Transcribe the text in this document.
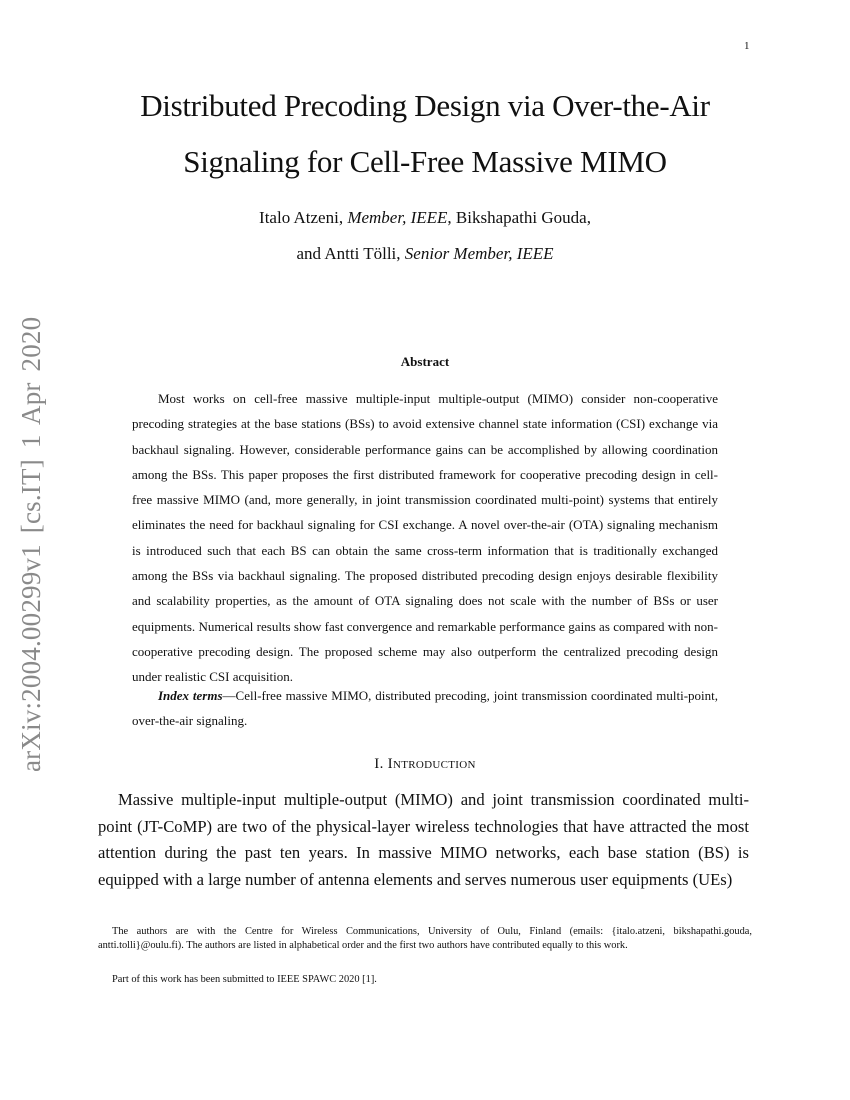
1
arXiv:2004.00299v1 [cs.IT] 1 Apr 2020
Distributed Precoding Design via Over-the-Air
Signaling for Cell-Free Massive MIMO
Italo Atzeni, Member, IEEE, Bikshapathi Gouda,
and Antti Tölli, Senior Member, IEEE
Abstract

Most works on cell-free massive multiple-input multiple-output (MIMO) consider non-cooperative precoding strategies at the base stations (BSs) to avoid extensive channel state information (CSI) exchange via backhaul signaling. However, considerable performance gains can be accomplished by allowing coordination among the BSs. This paper proposes the first distributed framework for cooperative precoding design in cell-free massive MIMO (and, more generally, in joint transmission coordinated multi-point) systems that entirely eliminates the need for backhaul signaling for CSI exchange. A novel over-the-air (OTA) signaling mechanism is introduced such that each BS can obtain the same cross-term information that is traditionally exchanged among the BSs via backhaul signaling. The proposed distributed precoding design enjoys desirable flexibility and scalability properties, as the amount of OTA signaling does not scale with the number of BSs or user equipments. Numerical results show fast convergence and remarkable performance gains as compared with non-cooperative precoding design. The proposed scheme may also outperform the centralized precoding design under realistic CSI acquisition.

Index terms—Cell-free massive MIMO, distributed precoding, joint transmission coordinated multi-point, over-the-air signaling.

I. Introduction

Massive multiple-input multiple-output (MIMO) and joint transmission coordinated multi-point (JT-CoMP) are two of the physical-layer wireless technologies that have attracted the most attention during the past ten years. In massive MIMO networks, each base station (BS) is equipped with a large number of antenna elements and serves numerous user equipments (UEs)

The authors are with the Centre for Wireless Communications, University of Oulu, Finland (emails: {italo.atzeni, bikshapathi.gouda, antti.tolli}@oulu.fi). The authors are listed in alphabetical order and the first two authors have contributed equally to this work.

Part of this work has been submitted to IEEE SPAWC 2020 [1].
